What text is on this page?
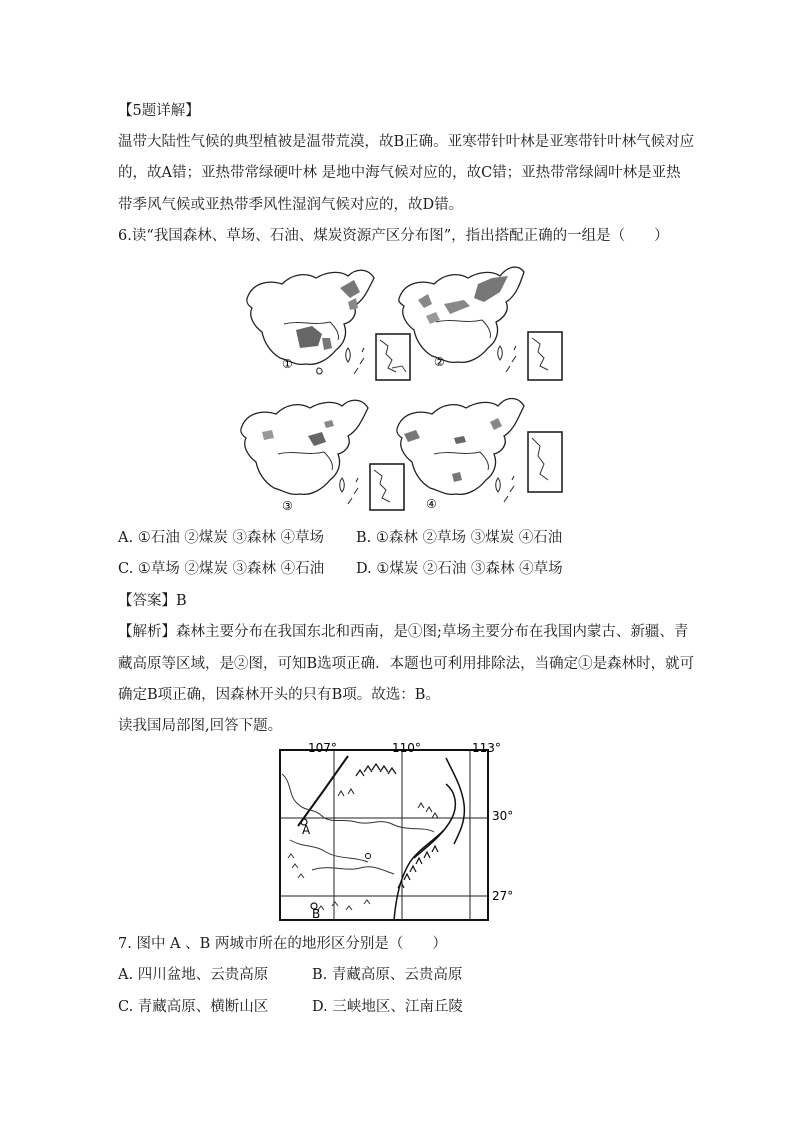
【5题详解】
温带大陆性气候的典型植被是温带荒漠，故B正确。亚寒带针叶林是亚寒带针叶林气候对应
的，故A错；亚热带常绿硬叶林 是地中海气候对应的，故C错；亚热带常绿阔叶林是亚热
带季风气候或亚热带季风性湿润气候对应的，故D错。
6.读“我国森林、草场、石油、煤炭资源产区分布图”，指出搭配正确的一组是（　　）
①	②
③	④
A. ①石油 ②煤炭 ③森林 ④草场 B. ①森林 ②草场 ③煤炭 ④石油
C. ①草场 ②煤炭 ③森林 ④石油 D. ①煤炭 ②石油 ③森林 ④草场
【答案】B
【解析】森林主要分布在我国东北和西南，是①图;草场主要分布在我国内蒙古、新疆、青
藏高原等区域，是②图，可知B选项正确．本题也可利用排除法，当确定①是森林时，就可
确定B项正确，因森林开头的只有B项。故选：B。
读我国局部图,回答下题。
107°	110°	113°
30°
27°
A
B
7. 图中 A 、B 两城市所在的地形区分别是（　　）
A. 四川盆地、云贵高原	B. 青藏高原、云贵高原
C. 青藏高原、横断山区	D. 三峡地区、江南丘陵
